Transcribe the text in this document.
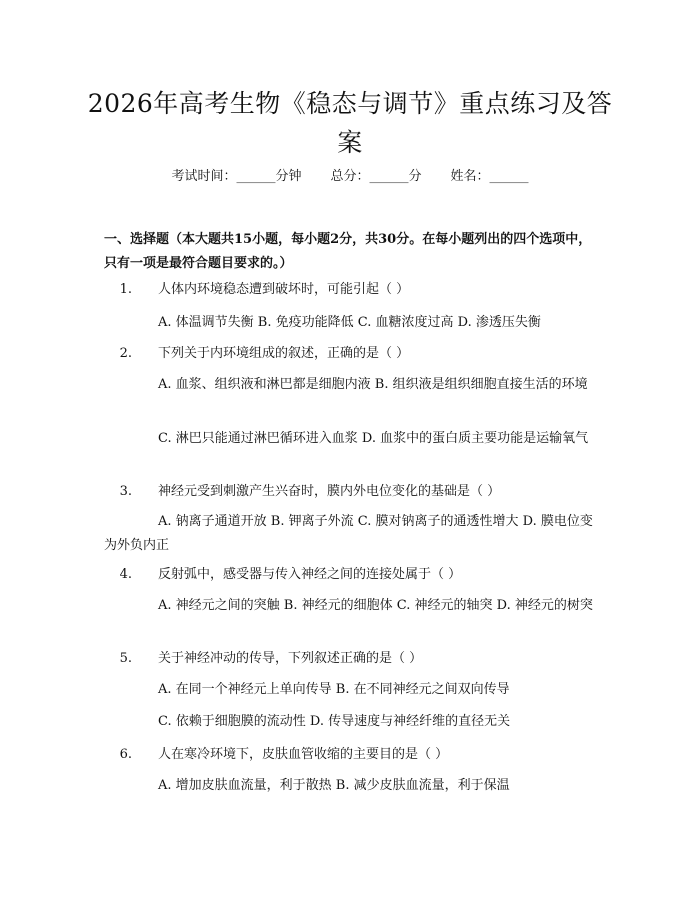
2026年高考生物《稳态与调节》重点练习及答案
考试时间：______分钟 总分：______分 姓名：______
一、选择题（本大题共15小题，每小题2分，共30分。在每小题列出的四个选项中，只有一项是最符合题目要求的。）
1. 人体内环境稳态遭到破坏时，可能引起（ ）
A. 体温调节失衡 B. 免疫功能降低 C. 血糖浓度过高 D. 渗透压失衡
2. 下列关于内环境组成的叙述，正确的是（ ）
A. 血浆、组织液和淋巴都是细胞内液 B. 组织液是组织细胞直接生活的环境
C. 淋巴只能通过淋巴循环进入血浆 D. 血浆中的蛋白质主要功能是运输氧气
3. 神经元受到刺激产生兴奋时，膜内外电位变化的基础是（ ）
A. 钠离子通道开放 B. 钾离子外流 C. 膜对钠离子的通透性增大 D. 膜电位变为外负内正
4. 反射弧中，感受器与传入神经之间的连接处属于（ ）
A. 神经元之间的突触 B. 神经元的细胞体 C. 神经元的轴突 D. 神经元的树突
5. 关于神经冲动的传导，下列叙述正确的是（ ）
A. 在同一个神经元上单向传导 B. 在不同神经元之间双向传导
C. 依赖于细胞膜的流动性 D. 传导速度与神经纤维的直径无关
6. 人在寒冷环境下，皮肤血管收缩的主要目的是（ ）
A. 增加皮肤血流量，利于散热 B. 减少皮肤血流量，利于保温
